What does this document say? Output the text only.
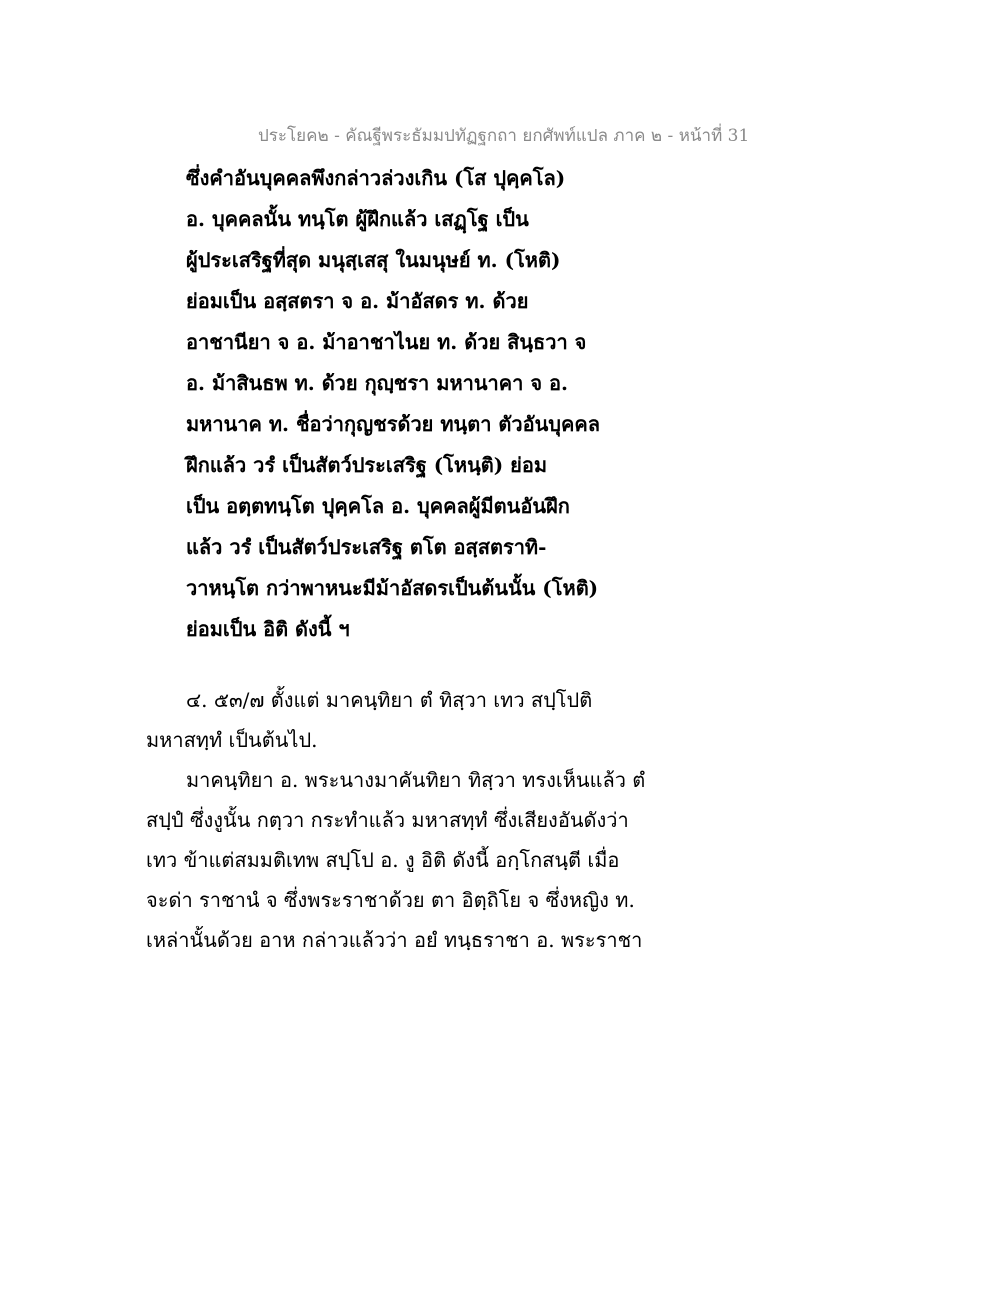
ประโยค๒ - คัณฐีพระธัมมปทัฏฐกถา ยกศัพท์แปล ภาค ๒ - หน้าที่ 31
ซึ่งคำอันบุคคลพึงกล่าวล่วงเกิน (โส ปุคฺคโล)
อ. บุคคลนั้น ทนฺโต ผู้ฝึกแล้ว เสฏฺโฐ เป็น
ผู้ประเสริฐที่สุด มนุสฺเสสุ ในมนุษย์ ท. (โหติ)
ย่อมเป็น อสฺสตรา จ อ. ม้าอัสดร ท. ด้วย
อาชานียา จ อ. ม้าอาชาไนย ท. ด้วย สินฺธวา จ
อ. ม้าสินธพ ท. ด้วย กุญฺชรา มหานาคา จ อ.
มหานาค ท. ชื่อว่ากุญชรด้วย ทนฺตา ตัวอันบุคคล
ฝึกแล้ว วรํ เป็นสัตว์ประเสริฐ (โหนฺติ) ย่อม
เป็น อตฺตทนฺโต ปุคฺคโล อ. บุคคลผู้มีตนอันฝึก
แล้ว วรํ เป็นสัตว์ประเสริฐ ตโต อสฺสตราทิ-
วาหนฺโต กว่าพาหนะมีม้าอัสดรเป็นต้นนั้น (โหติ)
ย่อมเป็น อิติ ดังนี้ ฯ
๔. ๕๓/๗ ตั้งแต่ มาคนฺทิยา ตํ ทิสฺวา เทว สปฺโปติ
มหาสทฺทํ เป็นต้นไป.
มาคนฺทิยา อ. พระนางมาคันทิยา ทิสฺวา ทรงเห็นแล้ว ตํ
สปฺปํ ซึ่งงูนั้น กตฺวา กระทำแล้ว มหาสทฺทํ ซึ่งเสียงอันดังว่า
เทว ข้าแต่สมมติเทพ สปฺโป อ. งู อิติ ดังนี้ อกฺโกสนฺตี เมื่อ
จะด่า ราชานํ จ ซึ่งพระราชาด้วย ตา อิตฺถิโย จ ซึ่งหญิง ท.
เหล่านั้นด้วย อาห กล่าวแล้วว่า อยํ ทนฺธราชา อ. พระราชา
